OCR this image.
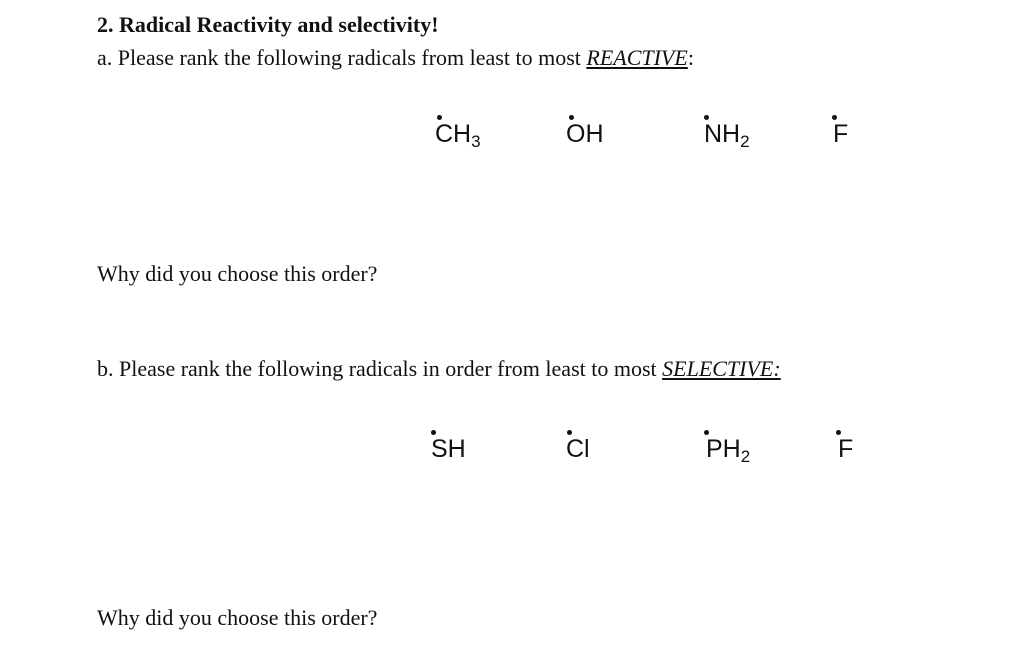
2. Radical Reactivity and selectivity!
a. Please rank the following radicals from least to most REACTIVE:
$CH_3$	OH	$NH_2$	F
Why did you choose this order?
b. Please rank the following radicals in order from least to most SELECTIVE:
SH	Cl	$PH_2$	F
Why did you choose this order?
